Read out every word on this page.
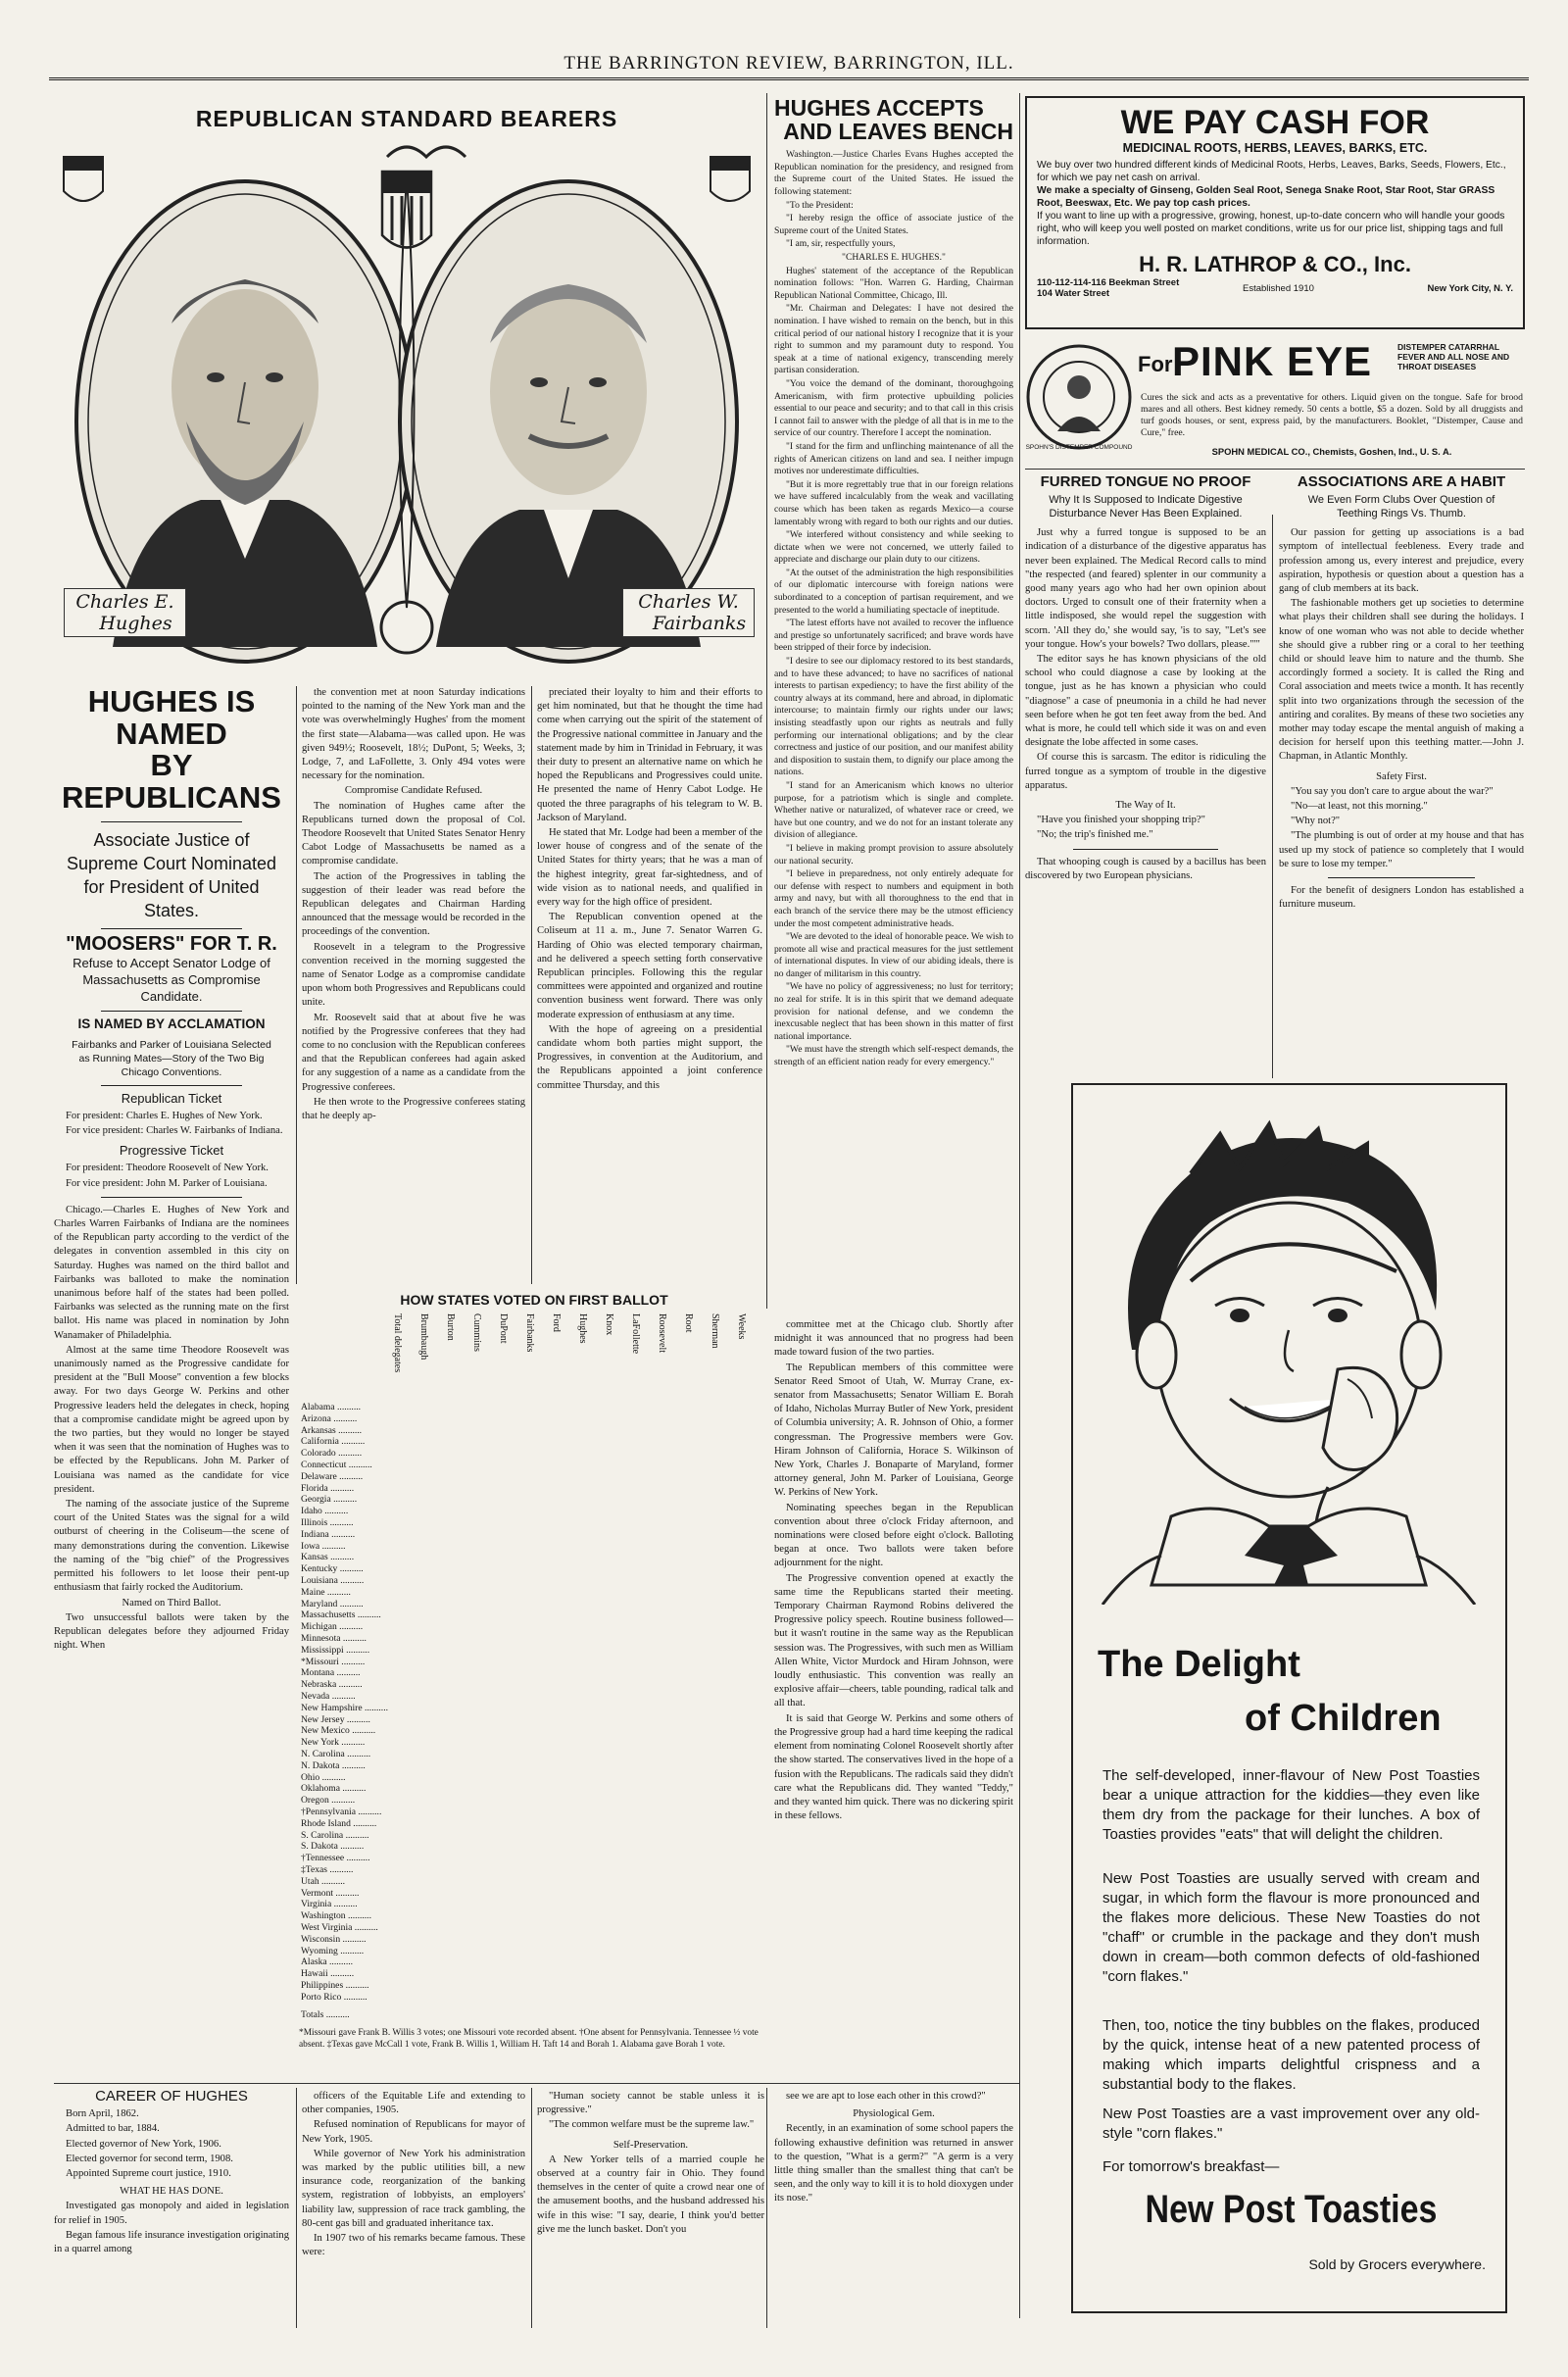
THE BARRINGTON REVIEW, BARRINGTON, ILL.
REPUBLICAN STANDARD BEARERS
Charles E.
Hughes
Charles W.
Fairbanks
HUGHES ACCEPTS
AND LEAVES BENCH

Washington.—Justice Charles Evans Hughes accepted the Republican nomination for the presidency, and resigned from the Supreme court of the United States. He issued the following statement:

"To the President:

"I hereby resign the office of associate justice of the Supreme court of the United States.

"I am, sir, respectfully yours,

"CHARLES E. HUGHES."

Hughes' statement of the acceptance of the Republican nomination follows: "Hon. Warren G. Harding, Chairman Republican National Committee, Chicago, Ill.

"Mr. Chairman and Delegates: I have not desired the nomination. I have wished to remain on the bench, but in this critical period of our national history I recognize that it is your right to summon and my paramount duty to respond. You speak at a time of national exigency, transcending merely partisan consideration.

"You voice the demand of the dominant, thoroughgoing Americanism, with firm protective upbuilding policies essential to our peace and security; and to that call in this crisis I cannot fail to answer with the pledge of all that is in me to the service of our country. Therefore I accept the nomination.

"I stand for the firm and unflinching maintenance of all the rights of American citizens on land and sea. I neither impugn motives nor underestimate difficulties.

"But it is more regrettably true that in our foreign relations we have suffered incalculably from the weak and vacillating course which has been taken as regards Mexico—a course lamentably wrong with regard to both our rights and our duties.

"We interfered without consistency and while seeking to dictate when we were not concerned, we utterly failed to appreciate and discharge our plain duty to our citizens.

"At the outset of the administration the high responsibilities of our diplomatic intercourse with foreign nations were subordinated to a conception of partisan requirement, and we presented to the world a humiliating spectacle of ineptitude.

"The latest efforts have not availed to recover the influence and prestige so unfortunately sacrificed; and brave words have been stripped of their force by indecision.

"I desire to see our diplomacy restored to its best standards, and to have these advanced; to have no sacrifices of national interests to partisan expediency; to have the first ability of the country always at its command, here and abroad, in diplomatic intercourse; to maintain firmly our rights under our laws; insisting steadfastly upon our rights as neutrals and fully performing our international obligations; and by the clear correctness and justice of our position, and our manifest ability and disposition to sustain them, to dignify our place among the nations.

"I stand for an Americanism which knows no ulterior purpose, for a patriotism which is single and complete. Whether native or naturalized, of whatever race or creed, we have but one country, and we do not for an instant tolerate any division of allegiance.

"I believe in making prompt provision to assure absolutely our national security.

"I believe in preparedness, not only entirely adequate for our defense with respect to numbers and equipment in both army and navy, but with all thoroughness to the end that in each branch of the service there may be the utmost efficiency under the most competent administrative heads.

"We are devoted to the ideal of honorable peace. We wish to promote all wise and practical measures for the just settlement of international disputes. In view of our abiding ideals, there is no danger of militarism in this country.

"We have no policy of aggressiveness; no lust for territory; no zeal for strife. It is in this spirit that we demand adequate provision for national defense, and we condemn the inexcusable neglect that has been shown in this matter of first national importance.

"We must have the strength which self-respect demands, the strength of an efficient nation ready for every emergency."

HUGHES IS NAMED
BY REPUBLICANS
Associate Justice of Supreme Court Nominated for President of United States.
"MOOSERS" FOR T. R.
Refuse to Accept Senator Lodge of Massachusetts as Compromise Candidate.
IS NAMED BY ACCLAMATION
Fairbanks and Parker of Louisiana Selected as Running Mates—Story of the Two Big Chicago Conventions.
Republican Ticket

For president: Charles E. Hughes of New York.

For vice president: Charles W. Fairbanks of Indiana.

Progressive Ticket

For president: Theodore Roosevelt of New York.

For vice president: John M. Parker of Louisiana.

Chicago.—Charles E. Hughes of New York and Charles Warren Fairbanks of Indiana are the nominees of the Republican party according to the verdict of the delegates in convention assembled in this city on Saturday. Hughes was named on the third ballot and Fairbanks was balloted to make the nomination unanimous before half of the states had been polled. Fairbanks was selected as the running mate on the first ballot. His name was placed in nomination by John Wanamaker of Philadelphia.

Almost at the same time Theodore Roosevelt was unanimously named as the Progressive candidate for president at the "Bull Moose" convention a few blocks away. For two days George W. Perkins and other Progressive leaders held the delegates in check, hoping that a compromise candidate might be agreed upon by the two parties, but they would no longer be stayed when it was seen that the nomination of Hughes was to be effected by the Republicans. John M. Parker of Louisiana was named as the candidate for vice president.

The naming of the associate justice of the Supreme court of the United States was the signal for a wild outburst of cheering in the Coliseum—the scene of many demonstrations during the convention. Likewise the naming of the "big chief" of the Progressives permitted his followers to let loose their pent-up enthusiasm that fairly rocked the Auditorium.

Named on Third Ballot.

Two unsuccessful ballots were taken by the Republican delegates before they adjourned Friday night. When

the convention met at noon Saturday indications pointed to the naming of the New York man and the vote was overwhelmingly Hughes' from the moment the first state—Alabama—was called upon. He was given 949½; Roosevelt, 18½; DuPont, 5; Weeks, 3; Lodge, 7, and LaFollette, 3. Only 494 votes were necessary for the nomination.

Compromise Candidate Refused.

The nomination of Hughes came after the Republicans turned down the proposal of Col. Theodore Roosevelt that United States Senator Henry Cabot Lodge of Massachusetts be named as a compromise candidate.

The action of the Progressives in tabling the suggestion of their leader was read before the Republican delegates and Chairman Harding announced that the message would be recorded in the proceedings of the convention.

Roosevelt in a telegram to the Progressive convention received in the morning suggested the name of Senator Lodge as a compromise candidate upon whom both Progressives and Republicans could unite.

Mr. Roosevelt said that at about five he was notified by the Progressive conferees that they had come to no conclusion with the Republican conferees and that the Republican conferees had again asked for any suggestion of a name as a candidate from the Progressive conferees.

He then wrote to the Progressive conferees stating that he deeply ap-

preciated their loyalty to him and their efforts to get him nominated, but that he thought the time had come when carrying out the spirit of the statement of the Progressive national committee in January and the statement made by him in Trinidad in February, it was their duty to present an alternative name on which he hoped the Republicans and Progressives could unite. He presented the name of Henry Cabot Lodge. He quoted the three paragraphs of his telegram to W. B. Jackson of Maryland.

He stated that Mr. Lodge had been a member of the lower house of congress and of the senate of the United States for thirty years; that he was a man of the highest integrity, great far-sightedness, and of wide vision as to national needs, and qualified in every way for the high office of president.

The Republican convention opened at the Coliseum at 11 a. m., June 7. Senator Warren G. Harding of Ohio was elected temporary chairman, and he delivered a speech setting forth conservative Republican principles. Following this the regular committees were appointed and organized and routine convention business went forward. There was only moderate expression of enthusiasm at any time.

With the hope of agreeing on a presidential candidate whom both parties might support, the Progressives, in convention at the Auditorium, and the Republicans appointed a joint conference committee Thursday, and this

HOW STATES VOTED ON FIRST BALLOT
Total delegates Brumbaugh Burton Cummins DuPont Fairbanks Ford Hughes Knox LaFollette Roosevelt Root Sherman Weeks
Alabama ..........
Arizona ..........
Arkansas ..........
California ..........
Colorado ..........
Connecticut ..........
Delaware ..........
Florida ..........
Georgia ..........
Idaho ..........
Illinois ..........
Indiana ..........
Iowa ..........
Kansas ..........
Kentucky ..........
Louisiana ..........
Maine ..........
Maryland ..........
Massachusetts ..........
Michigan ..........
Minnesota ..........
Mississippi ..........
*Missouri ..........
Montana ..........
Nebraska ..........
Nevada ..........
New Hampshire ..........
New Jersey ..........
New Mexico ..........
New York ..........
N. Carolina ..........
N. Dakota ..........
Ohio ..........
Oklahoma ..........
Oregon ..........
†Pennsylvania ..........
Rhode Island ..........
S. Carolina ..........
S. Dakota ..........
†Tennessee ..........
‡Texas ..........
Utah ..........
Vermont ..........
Virginia ..........
Washington ..........
West Virginia ..........
Wisconsin ..........
Wyoming ..........
Alaska ..........
Hawaii ..........
Philippines ..........
Porto Rico ..........
Totals ..........
*Missouri gave Frank B. Willis 3 votes; one Missouri vote recorded absent. †One absent for Pennsylvania. Tennessee ½ vote absent. ‡Texas gave McCall 1 vote, Frank B. Willis 1, William H. Taft 14 and Borah 1. Alabama gave Borah 1 vote.

committee met at the Chicago club. Shortly after midnight it was announced that no progress had been made toward fusion of the two parties.

The Republican members of this committee were Senator Reed Smoot of Utah, W. Murray Crane, ex-senator from Massachusetts; Senator William E. Borah of Idaho, Nicholas Murray Butler of New York, president of Columbia university; A. R. Johnson of Ohio, a former congressman. The Progressive members were Gov. Hiram Johnson of California, Horace S. Wilkinson of New York, Charles J. Bonaparte of Maryland, former attorney general, John M. Parker of Louisiana, George W. Perkins of New York.

Nominating speeches began in the Republican convention about three o'clock Friday afternoon, and nominations were closed before eight o'clock. Balloting began at once. Two ballots were taken before adjournment for the night.

The Progressive convention opened at exactly the same time the Republicans started their meeting. Temporary Chairman Raymond Robins delivered the Progressive policy speech. Routine business followed—but it wasn't routine in the same way as the Republican session was. The Progressives, with such men as William Allen White, Victor Murdock and Hiram Johnson, were loudly enthusiastic. This convention was really an explosive affair—cheers, table pounding, radical talk and all that.

It is said that George W. Perkins and some others of the Progressive group had a hard time keeping the radical element from nominating Colonel Roosevelt shortly after the show started. The conservatives lived in the hope of a fusion with the Republicans. The radicals said they didn't care what the Republicans did. They wanted "Teddy," and they wanted him quick. There was no dickering spirit in these fellows.

CAREER OF HUGHES

Born April, 1862.

Admitted to bar, 1884.

Elected governor of New York, 1906.

Elected governor for second term, 1908.

Appointed Supreme court justice, 1910.

WHAT HE HAS DONE.

Investigated gas monopoly and aided in legislation for relief in 1905.

Began famous life insurance investigation originating in a quarrel among

officers of the Equitable Life and extending to other companies, 1905.

Refused nomination of Republicans for mayor of New York, 1905.

While governor of New York his administration was marked by the public utilities bill, a new insurance code, reorganization of the banking system, registration of lobbyists, an employers' liability law, suppression of race track gambling, the 80-cent gas bill and graduated inheritance tax.

In 1907 two of his remarks became famous. These were:

"Human society cannot be stable unless it is progressive."

"The common welfare must be the supreme law."

Self-Preservation.

A New Yorker tells of a married couple he observed at a country fair in Ohio. They found themselves in the center of quite a crowd near one of the amusement booths, and the husband addressed his wife in this wise: "I say, dearie, I think you'd better give me the lunch basket. Don't you

see we are apt to lose each other in this crowd?"

Physiological Gem.

Recently, in an examination of some school papers the following exhaustive definition was returned in answer to the question, "What is a germ?" "A germ is a very little thing smaller than the smallest thing that can't be seen, and the only way to kill it is to hold dioxygen under its nose."

WE PAY CASH FOR
MEDICINAL ROOTS, HERBS, LEAVES, BARKS, ETC.
We buy over two hundred different kinds of Medicinal Roots, Herbs, Leaves, Barks, Seeds, Flowers, Etc., for which we pay net cash on arrival.
We make a specialty of Ginseng, Golden Seal Root, Senega Snake Root, Star Root, Star GRASS Root, Beeswax, Etc. We pay top cash prices.
If you want to line up with a progressive, growing, honest, up-to-date concern who will handle your goods right, who will keep you well posted on market conditions, write us for our price list, shipping tags and full information.
H. R. LATHROP & CO., Inc.
110-112-114-116 Beekman Street
104 Water Street	Established 1910	New York City, N. Y.
SPOHN'S DISTEMPER COMPOUND
For PINK EYE	DISTEMPER CATARRHAL FEVER AND ALL NOSE AND THROAT DISEASES
Cures the sick and acts as a preventative for others. Liquid given on the tongue. Safe for brood mares and all others. Best kidney remedy. 50 cents a bottle, $5 a dozen. Sold by all druggists and turf goods houses, or sent, express paid, by the manufacturers. Booklet, "Distemper, Cause and Cure," free.
SPOHN MEDICAL CO., Chemists, Goshen, Ind., U. S. A.
FURRED TONGUE NO PROOF
Why It Is Supposed to Indicate Digestive Disturbance Never Has Been Explained.

Just why a furred tongue is supposed to be an indication of a disturbance of the digestive apparatus has never been explained. The Medical Record calls to mind "the respected (and feared) splenter in our community a good many years ago who had her own opinion about doctors. Urged to consult one of their fraternity when a little indisposed, she would repel the suggestion with scorn. 'All they do,' she would say, 'is to say, "Let's see your tongue. How's your bowels? Two dollars, please."'"

The editor says he has known physicians of the old school who could diagnose a case by looking at the tongue, just as he has known a physician who could "diagnose" a case of pneumonia in a child he had never seen before when he got ten feet away from the bed. And what is more, he could tell which side it was on and even designate the lobe affected in some cases.

Of course this is sarcasm. The editor is ridiculing the furred tongue as a symptom of trouble in the digestive apparatus.

The Way of It.

"Have you finished your shopping trip?"

"No; the trip's finished me."

That whooping cough is caused by a bacillus has been discovered by two European physicians.

ASSOCIATIONS ARE A HABIT
We Even Form Clubs Over Question of Teething Rings Vs. Thumb.

Our passion for getting up associations is a bad symptom of intellectual feebleness. Every trade and profession among us, every interest and prejudice, every aspiration, hypothesis or question about a question has a gang of club members at its back.

The fashionable mothers get up societies to determine what plays their children shall see during the holidays. I know of one woman who was not able to decide whether she should give a rubber ring or a coral to her teething child or should leave him to nature and the thumb. She accordingly formed a society. It is called the Ring and Coral association and meets twice a month. It has recently split into two organizations through the secession of the antiring and coralites. By means of these two societies any mother may today escape the mental anguish of making a decision for herself upon this teething matter.—John J. Chapman, in Atlantic Monthly.

Safety First.

"You say you don't care to argue about the war?"

"No—at least, not this morning."

"Why not?"

"The plumbing is out of order at my house and that has used up my stock of patience so completely that I would be sure to lose my temper."

For the benefit of designers London has established a furniture museum.

The Delight
of Children
The self-developed, inner-flavour of New Post Toasties bear a unique attraction for the kiddies—they even like them dry from the package for their lunches. A box of Toasties provides "eats" that will delight the children.
New Post Toasties are usually served with cream and sugar, in which form the flavour is more pronounced and the flakes more delicious. These New Toasties do not "chaff" or crumble in the package and they don't mush down in cream—both common defects of old-fashioned "corn flakes."
Then, too, notice the tiny bubbles on the flakes, produced by the quick, intense heat of a new patented process of making which imparts delightful crispness and a substantial body to the flakes.
New Post Toasties are a vast improvement over any old-style "corn flakes."
For tomorrow's breakfast—
New Post Toasties
Sold by Grocers everywhere.
